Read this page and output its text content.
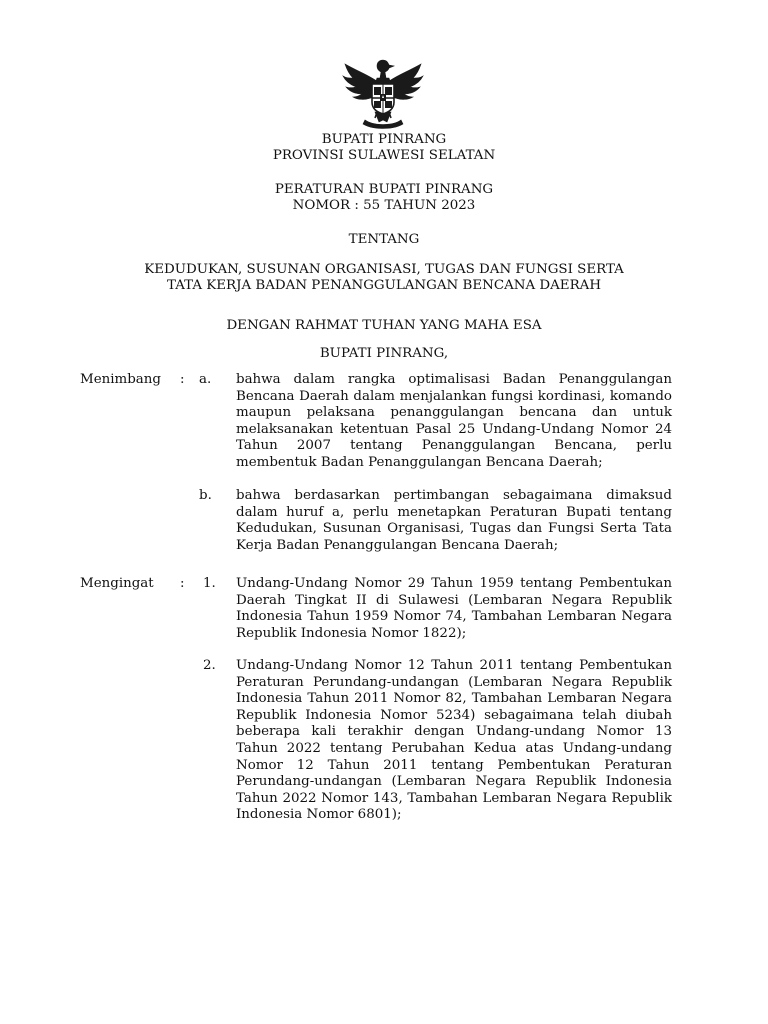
BUPATI PINRANG
PROVINSI SULAWESI SELATAN
PERATURAN BUPATI PINRANG
NOMOR : 55 TAHUN 2023
TENTANG
KEDUDUKAN, SUSUNAN ORGANISASI, TUGAS DAN FUNGSI SERTA
TATA KERJA BADAN PENANGGULANGAN BENCANA DAERAH
DENGAN RAHMAT TUHAN YANG MAHA ESA
BUPATI PINRANG,
Menimbang : a. bahwa dalam rangka optimalisasi Badan Penanggulangan Bencana Daerah dalam menjalankan fungsi kordinasi, komando maupun pelaksana penanggulangan bencana dan untuk melaksanakan ketentuan Pasal 25 Undang-Undang Nomor 24 Tahun 2007 tentang Penanggulangan Bencana, perlu membentuk Badan Penanggulangan Bencana Daerah;
b. bahwa berdasarkan pertimbangan sebagaimana dimaksud dalam huruf a, perlu menetapkan Peraturan Bupati tentang Kedudukan, Susunan Organisasi, Tugas dan Fungsi Serta Tata Kerja Badan Penanggulangan Bencana Daerah;
Mengingat : 1. Undang-Undang Nomor 29 Tahun 1959 tentang Pembentukan Daerah Tingkat II di Sulawesi (Lembaran Negara Republik Indonesia Tahun 1959 Nomor 74, Tambahan Lembaran Negara Republik Indonesia Nomor 1822);
2. Undang-Undang Nomor 12 Tahun 2011 tentang Pembentukan Peraturan Perundang-undangan (Lembaran Negara Republik Indonesia Tahun 2011 Nomor 82, Tambahan Lembaran Negara Republik Indonesia Nomor 5234) sebagaimana telah diubah beberapa kali terakhir dengan Undang-undang Nomor 13 Tahun 2022 tentang Perubahan Kedua atas Undang-undang Nomor 12 Tahun 2011 tentang Pembentukan Peraturan Perundang-undangan (Lembaran Negara Republik Indonesia Tahun 2022 Nomor 143, Tambahan Lembaran Negara Republik Indonesia Nomor 6801);
